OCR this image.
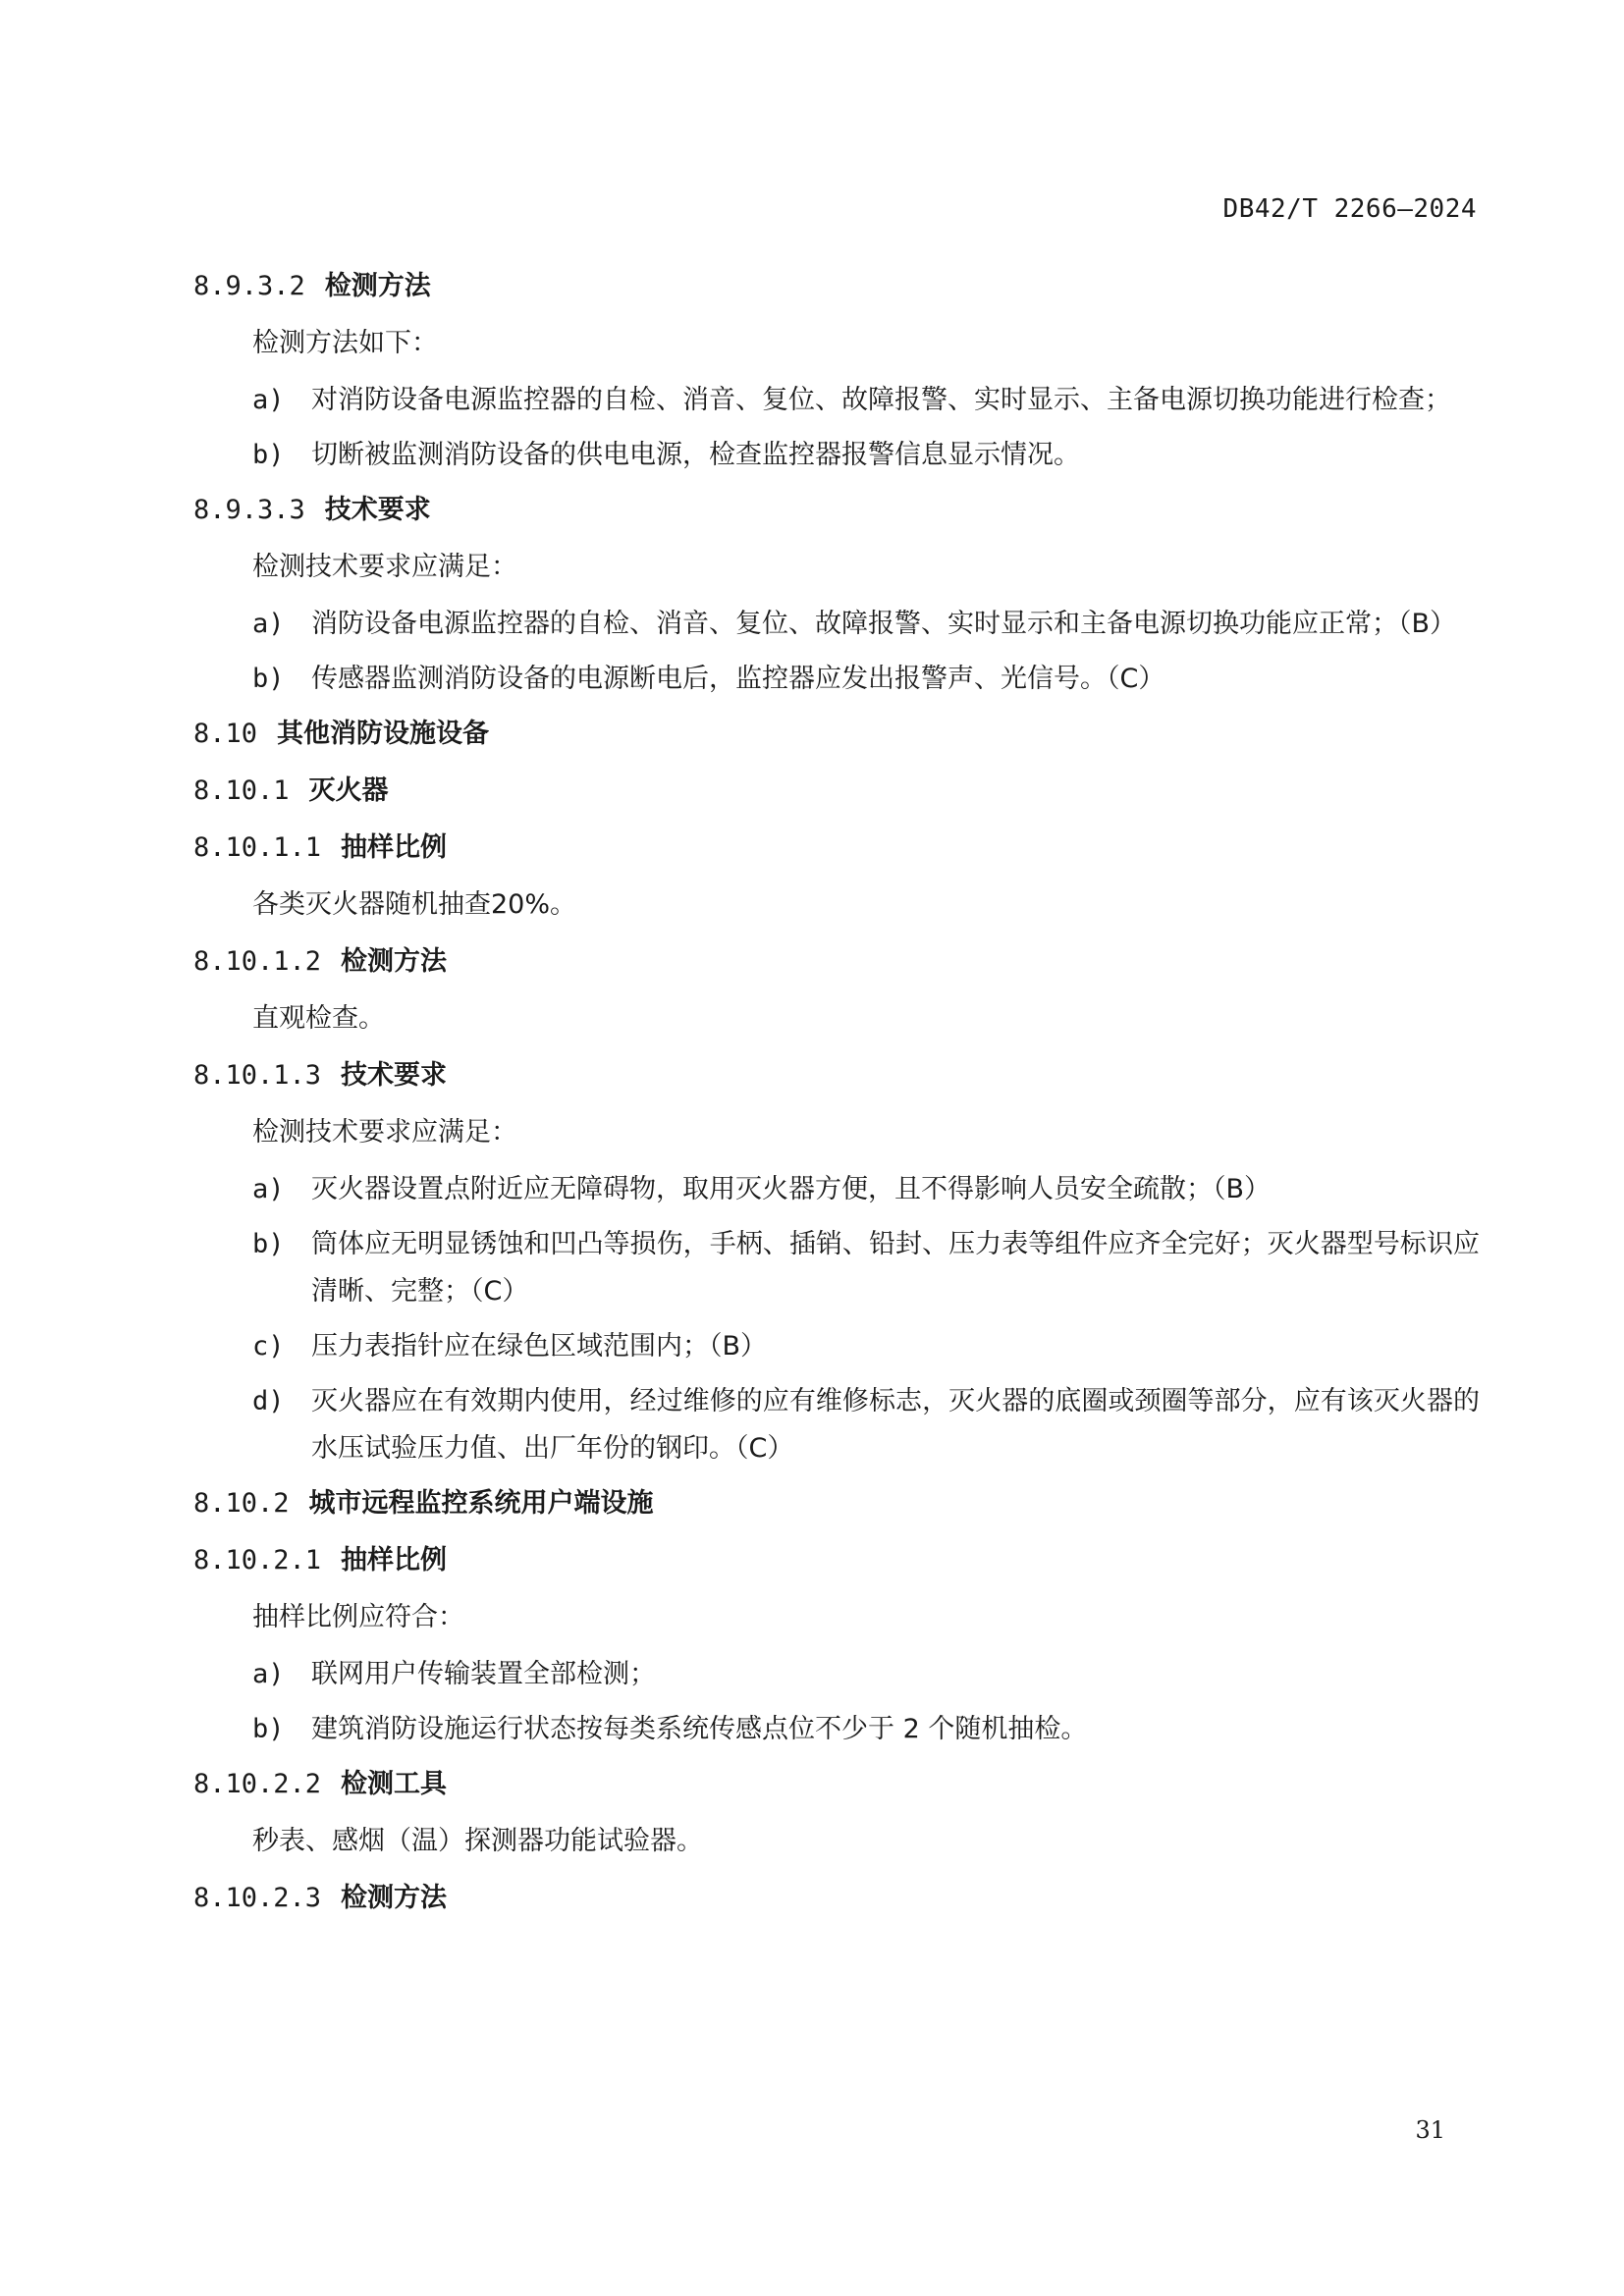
DB42/T 2266—2024
8.9.3.2 检测方法
检测方法如下：
a)	对消防设备电源监控器的自检、消音、复位、故障报警、实时显示、主备电源切换功能进行检查；
b)	切断被监测消防设备的供电电源，检查监控器报警信息显示情况。
8.9.3.3 技术要求
检测技术要求应满足：
a)	消防设备电源监控器的自检、消音、复位、故障报警、实时显示和主备电源切换功能应正常；（B）
b)	传感器监测消防设备的电源断电后，监控器应发出报警声、光信号。（C）
8.10 其他消防设施设备
8.10.1 灭火器
8.10.1.1 抽样比例
各类灭火器随机抽查20%。
8.10.1.2 检测方法
直观检查。
8.10.1.3 技术要求
检测技术要求应满足：
a)	灭火器设置点附近应无障碍物，取用灭火器方便，且不得影响人员安全疏散；（B）
b)	筒体应无明显锈蚀和凹凸等损伤，手柄、插销、铅封、压力表等组件应齐全完好；灭火器型号标识应清晰、完整；（C）
c)	压力表指针应在绿色区域范围内；（B）
d)	灭火器应在有效期内使用，经过维修的应有维修标志，灭火器的底圈或颈圈等部分，应有该灭火器的水压试验压力值、出厂年份的钢印。（C）
8.10.2 城市远程监控系统用户端设施
8.10.2.1 抽样比例
抽样比例应符合：
a)	联网用户传输装置全部检测；
b)	建筑消防设施运行状态按每类系统传感点位不少于 2 个随机抽检。
8.10.2.2 检测工具
秒表、感烟（温）探测器功能试验器。
8.10.2.3 检测方法
31
